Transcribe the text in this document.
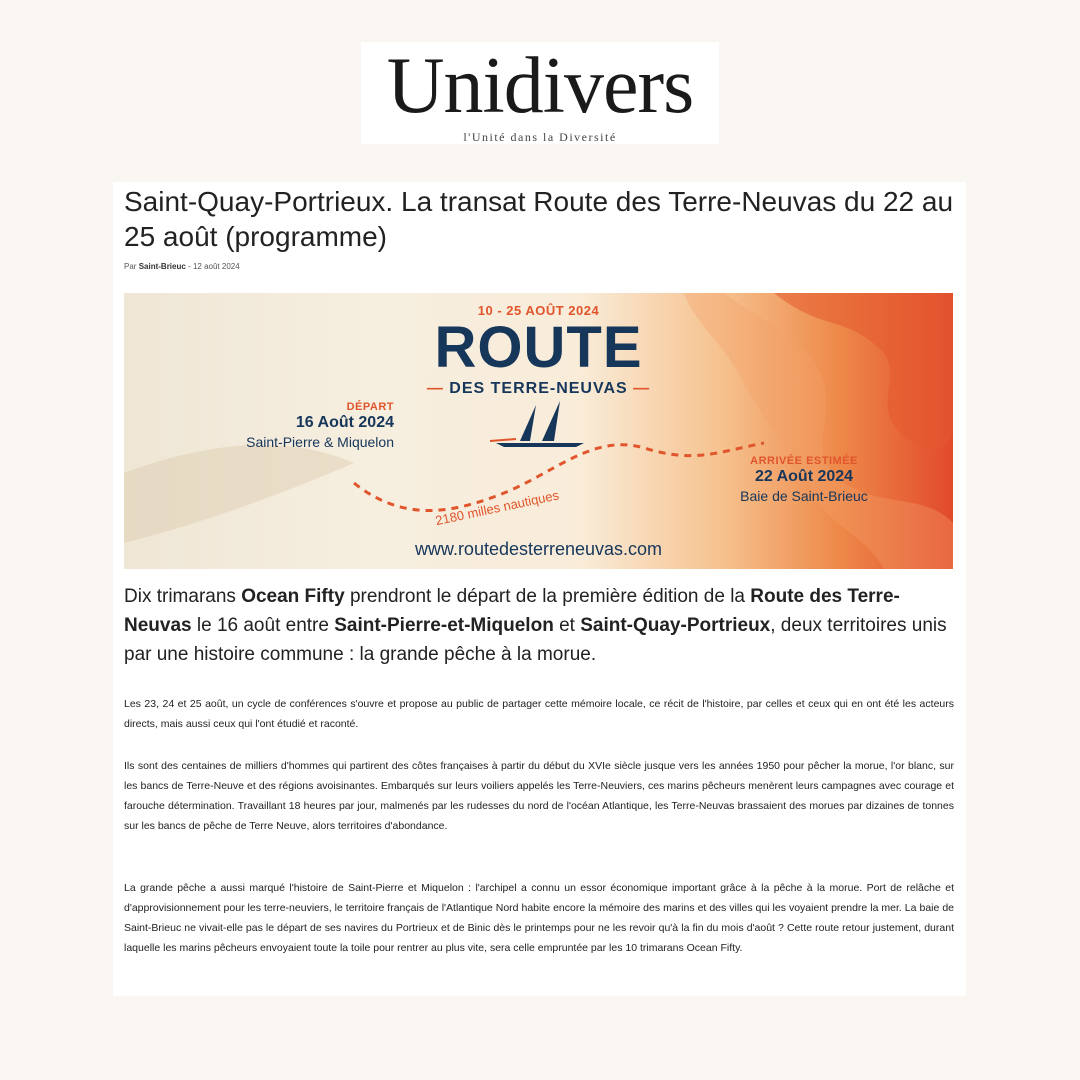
Unidivers
l'Unité dans la Diversité
Saint-Quay-Portrieux. La transat Route des Terre-Neuvas du 22 au 25 août (programme)
Par Saint-Brieuc - 12 août 2024
2180 milles nautiques
10 - 25 AOÛT 2024
ROUTE
— DES TERRE-NEUVAS —
DÉPART
16 Août 2024
Saint-Pierre & Miquelon
ARRIVÉE ESTIMÉE
22 Août 2024
Baie de Saint-Brieuc
www.routedesterreneuvas.com

Dix trimarans Ocean Fifty prendront le départ de la première édition de la Route des Terre-Neuvas le 16 août entre Saint-Pierre-et-Miquelon et Saint-Quay-Portrieux, deux territoires unis par une histoire commune : la grande pêche à la morue.

Les 23, 24 et 25 août, un cycle de conférences s'ouvre et propose au public de partager cette mémoire locale, ce récit de l'histoire, par celles et ceux qui en ont été les acteurs directs, mais aussi ceux qui l'ont étudié et raconté.

Ils sont des centaines de milliers d'hommes qui partirent des côtes françaises à partir du début du XVIe siècle jusque vers les années 1950 pour pêcher la morue, l'or blanc, sur les bancs de Terre-Neuve et des régions avoisinantes. Embarqués sur leurs voiliers appelés les Terre-Neuviers, ces marins pêcheurs menèrent leurs campagnes avec courage et farouche détermination. Travaillant 18 heures par jour, malmenés par les rudesses du nord de l'océan Atlantique, les Terre-Neuvas brassaient des morues par dizaines de tonnes sur les bancs de pêche de Terre Neuve, alors territoires d'abondance.

La grande pêche a aussi marqué l'histoire de Saint-Pierre et Miquelon : l'archipel a connu un essor économique important grâce à la pêche à la morue. Port de relâche et d'approvisionnement pour les terre-neuviers, le territoire français de l'Atlantique Nord habite encore la mémoire des marins et des villes qui les voyaient prendre la mer. La baie de Saint-Brieuc ne vivait-elle pas le départ de ses navires du Portrieux et de Binic dès le printemps pour ne les revoir qu'à la fin du mois d'août ? Cette route retour justement, durant laquelle les marins pêcheurs envoyaient toute la toile pour rentrer au plus vite, sera celle empruntée par les 10 trimarans Ocean Fifty.
